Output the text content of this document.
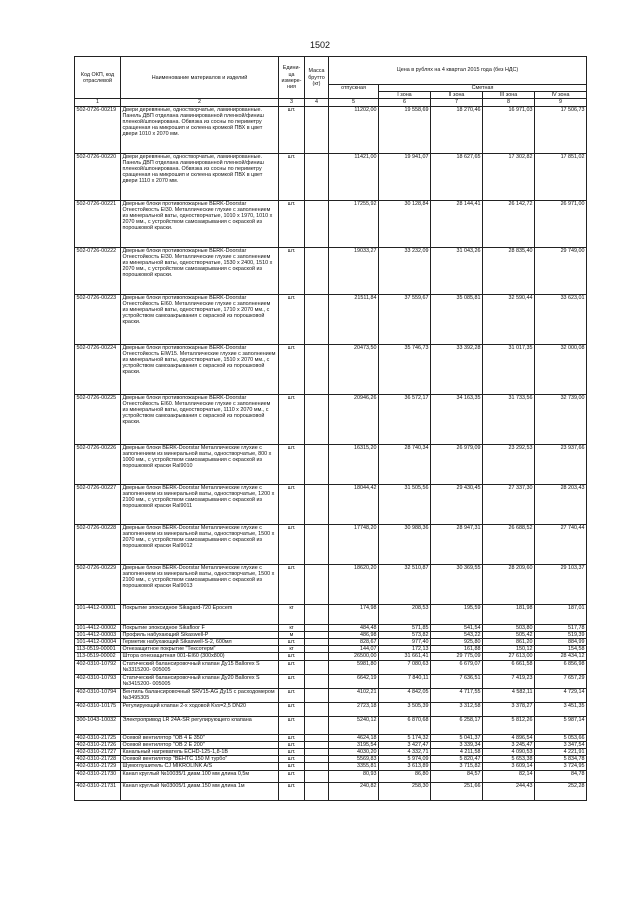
1502
Код ОКП, код отраслевой	Наименование материалов и изделий	Едини-ца измере-ния	Масса брутто (кг)	Цена в рублях на 4 квартал 2015 года (без НДС)				
				отпускная	Сметная			
					I зона	II зона	III зона	IV зона
1	2	3	4	5	6	7	8	9
502-0726-00219	Двери деревянные, одностворчатые, ламинированные. Панель ДВП отделана ламинированной пленкой/финиш пленкой/шпонирована. Обвязка из сосны по периметру сращенная на микрошип и склеена кромкой ПВХ в цвет двери 1010 х 2070 мм.	шт.		11202,00	19 558,69	18 270,46	16 971,03	17 506,73
502-0726-00220	Двери деревянные, одностворчатые, ламинированные. Панель ДВП отделана ламинированной пленкой/финиш пленкой/шпонирована. Обвязка из сосны по периметру сращенная на микрошип и склеена кромкой ПВХ в цвет двери 1110 х 2070 мм.	шт.		11421,00	19 941,07	18 627,65	17 302,82	17 851,02
502-0726-00221	Дверные блоки противопожарные BERK-Doorstar Огнестойкость EI30. Металлические глухие с заполнением из минеральной ваты, одностворчатые, 1010 х 1970, 1010 х 2070 мм., с устройством самозакрывания с окраской из порошковой краски.	шт.		17255,92	30 128,84	28 144,41	26 142,72	26 971,00
502-0726-00222	Дверные блоки противопожарные BERK-Doorstar Огнестойкость EI30. Металлические глухие с заполнением из минеральной ваты, одностворчатые, 1530 х 2400, 1510 х 2070 мм., с устройством самозакрывания с окраской из порошковой краски.	шт.		19033,27	33 232,09	31 043,26	28 835,40	29 749,00
502-0726-00223	Дверные блоки противопожарные BERK-Doorstar Огнестойкость EI60. Металлические глухие с заполнением из минеральной ваты, одностворчатые, 1710 х 2070 мм., с устройством самозакрывания с окраской из порошковой краски.	шт.		21511,84	37 559,67	35 085,81	32 590,44	33 623,01
502-0726-00224	Дверные блоки противопожарные BERK-Doorstar Огнестойкость EIW15. Металлические глухие с заполнением из минеральной ваты, одностворчатые, 1510 х 2070 мм., с устройством самозакрывания с окраской из порошковой краски.	шт.		20473,50	35 746,73	33 392,28	31 017,35	32 000,08
502-0726-00225	Дверные блоки противопожарные BERK-Doorstar Огнестойкость EI60. Металлические глухие с заполнением из минеральной ваты, одностворчатые, 1110 х 2070 мм., с устройством самозакрывания с окраской из порошковой краски.	шт.		20946,26	36 572,17	34 163,35	31 733,56	32 739,00
502-0726-00226	Дверные блоки BERK-Doorstar Металлические глухие с заполнением из минеральной ваты, одностворчатые, 800 х 1000 мм., с устройством самозакрывания с окраской из порошковой краски Ral9010	шт.		16315,20	28 740,34	26 979,09	23 292,53	23 937,66
502-0726-00227	Дверные блоки BERK-Doorstar Металлические глухие с заполнением из минеральной ваты, одностворчатые, 1200 х 2100 мм., с устройством самозакрывания с окраской из порошковой краски Ral9011	шт.		18044,42	31 505,56	29 430,45	27 337,30	28 203,43
502-0726-00228	Дверные блоки BERK-Doorstar Металлические глухие с заполнением из минеральной ваты, одностворчатые, 1500 х 2070 мм., с устройством самозакрывания с окраской из порошковой краски Ral9012	шт.		17748,20	30 988,36	28 947,31	26 688,52	27 740,44
502-0726-00229	Дверные блоки BERK-Doorstar Металлические глухие с заполнением из минеральной ваты, одностворчатые, 1500 х 2100 мм., с устройством самозакрывания с окраской из порошковой краски Ral9013	шт.		18620,20	32 510,87	30 369,55	28 209,60	29 103,37
101-4412-00001	Покрытие эпоксидное Sikagard-720 Epocem	кг		174,98	208,53	195,59	181,98	187,01
101-4412-00002	Покрытие эпоксидное Sikafloor F	кг		484,48	571,85	541,54	503,80	517,78
101-4412-00003	Профиль набухающий Sikaswell-P	м		486,98	573,82	543,22	505,42	519,39
101-4412-00004	Герметик набухающий Sikaswell-S-2, 600мл	шт.		828,67	977,40	925,80	861,20	884,99
113-0519-00001	Огнезащитное покрытие "Тексотерм"	кг		144,07	172,13	161,88	150,12	154,58
113-0519-00002	Штора огнезащитная 001-EI60 (300х800)	шт.		26500,00	31 661,41	29 775,09	27 613,00	28 434,12
402-0310-10792	Статический балансировочный клапан Ду15 Ballorex S №3315200- 005005	шт.		5981,80	7 080,63	6 679,07	6 661,58	6 856,98
402-0310-10793	Статический балансировочный клапан Ду20 Ballorex S №3415200- 005005	шт.		6642,19	7 840,11	7 636,51	7 419,23	7 657,29
402-0310-10794	Вентиль балансировочный SRV15-AG Ду15 с расходомером №3495305	шт.		4102,21	4 842,05	4 717,55	4 582,11	4 729,14
402-0310-10175	Регулирующий клапан 2-х ходовой Kvs=2,5 DN20	шт.		2723,18	3 505,39	3 312,58	3 378,27	3 451,35
300-1043-10032	Электропривод LR 24A-SR регулирующего клапана	шт.		5240,12	6 870,68	6 258,17	5 812,26	5 987,14
402-0310-21725	Осевой вентилятор "OB 4 E 350"	шт.		4624,18	5 174,32	5 041,37	4 896,54	5 053,66
402-0310-21726	Осевой вентилятор "OB 2 E 200"	шт.		3195,54	3 427,47	3 339,34	3 245,47	3 347,54
402-0310-21727	Канальный нагреватель ECHD-125-1,8-1B	шт.		4030,20	4 332,71	4 211,58	4 090,53	4 221,91
402-0310-21728	Осевой вентилятор "ВЕНТС 150 М турбо"	шт.		5569,83	5 974,09	5 820,47	5 653,38	5 834,78
402-0310-21729	Шумоглушитель CJ MIKROLINK A/S	шт.		3355,81	3 613,89	3 715,82	3 609,14	3 724,95
402-0310-21730	Канал круглый №10035/1 диам.100 мм длина 0,5м	шт.		80,93	86,80	84,57	82,14	84,78
402-0310-21731	Канал круглый №03005/1 диам.150 мм длина 1м	шт.		240,82	258,30	251,66	244,43	252,28
